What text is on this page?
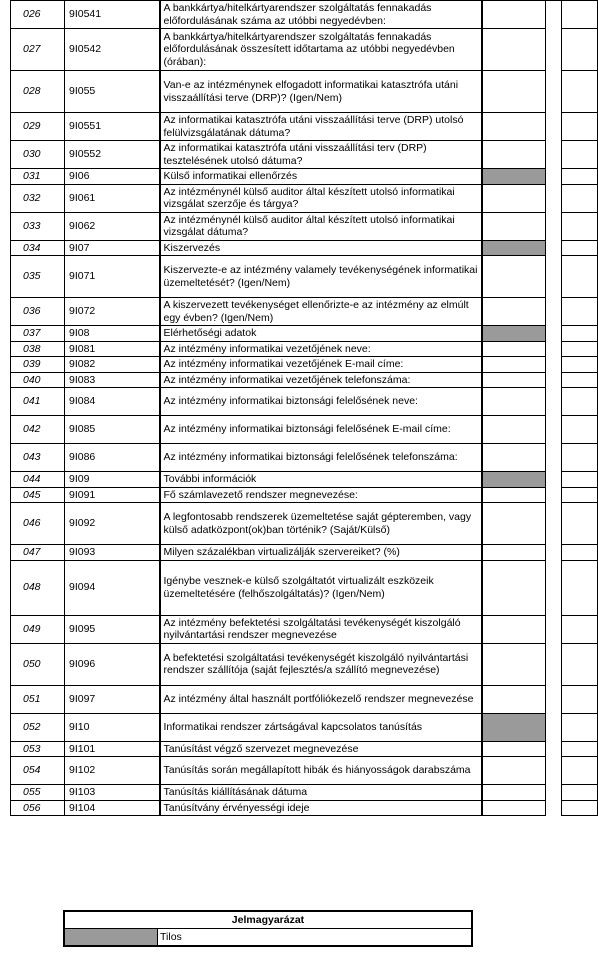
026	9I0541	A bankkártya/hitelkártyarendszer szolgáltatás fennakadás előfordulásának száma az utóbbi negyedévben:			
027	9I0542	A bankkártya/hitelkártyarendszer szolgáltatás fennakadás előfordulásának összesített időtartama az utóbbi negyedévben (órában):			
028	9I055	Van-e az intézménynek elfogadott informatikai katasztrófa utáni visszaállítási terve (DRP)? (Igen/Nem)			
029	9I0551	Az informatikai katasztrófa utáni visszaállítási terve (DRP) utolsó felülvizsgálatának dátuma?			
030	9I0552	Az informatikai katasztrófa utáni visszaállítási terv (DRP) tesztelésének utolsó dátuma?			
031	9I06	Külső informatikai ellenőrzés			
032	9I061	Az intézménynél külső auditor által készített utolsó informatikai vizsgálat szerzője és tárgya?			
033	9I062	Az intézménynél külső auditor által készített utolsó informatikai vizsgálat dátuma?			
034	9I07	Kiszervezés			
035	9I071	Kiszervezte-e az intézmény valamely tevékenységének informatikai üzemeltetését? (Igen/Nem)			
036	9I072	A kiszervezett tevékenységet ellenőrizte-e az intézmény az elmúlt egy évben? (Igen/Nem)			
037	9I08	Elérhetőségi adatok			
038	9I081	Az intézmény informatikai vezetőjének neve:			
039	9I082	Az intézmény informatikai vezetőjének E-mail címe:			
040	9I083	Az intézmény informatikai vezetőjének telefonszáma:			
041	9I084	Az intézmény informatikai biztonsági felelősének neve:			
042	9I085	Az intézmény informatikai biztonsági felelősének E-mail címe:			
043	9I086	Az intézmény informatikai biztonsági felelősének telefonszáma:			
044	9I09	További információk			
045	9I091	Fő számlavezető rendszer megnevezése:			
046	9I092	A legfontosabb rendszerek üzemeltetése saját gépteremben, vagy külső adatközpont(ok)ban történik? (Saját/Külső)			
047	9I093	Milyen százalékban virtualizálják szervereiket? (%)			
048	9I094	Igénybe vesznek-e külső szolgáltatót virtualizált eszközeik üzemeltetésére (felhőszolgáltatás)? (Igen/Nem)			
049	9I095	Az intézmény befektetési szolgáltatási tevékenységét kiszolgáló nyilvántartási rendszer megnevezése			
050	9I096	A befektetési szolgáltatási tevékenységét kiszolgáló nyilvántartási rendszer szállítója (saját fejlesztés/a szállító megnevezése)			
051	9I097	Az intézmény által használt portfóliókezelő rendszer megnevezése			
052	9I10	Informatikai rendszer zártságával kapcsolatos tanúsítás			
053	9I101	Tanúsítást végző szervezet megnevezése			
054	9I102	Tanúsítás során megállapított hibák és hiányosságok darabszáma			
055	9I103	Tanúsítás kiállításának dátuma			
056	9I104	Tanúsítvány érvényességi ideje			
Jelmagyarázat
	Tilos
